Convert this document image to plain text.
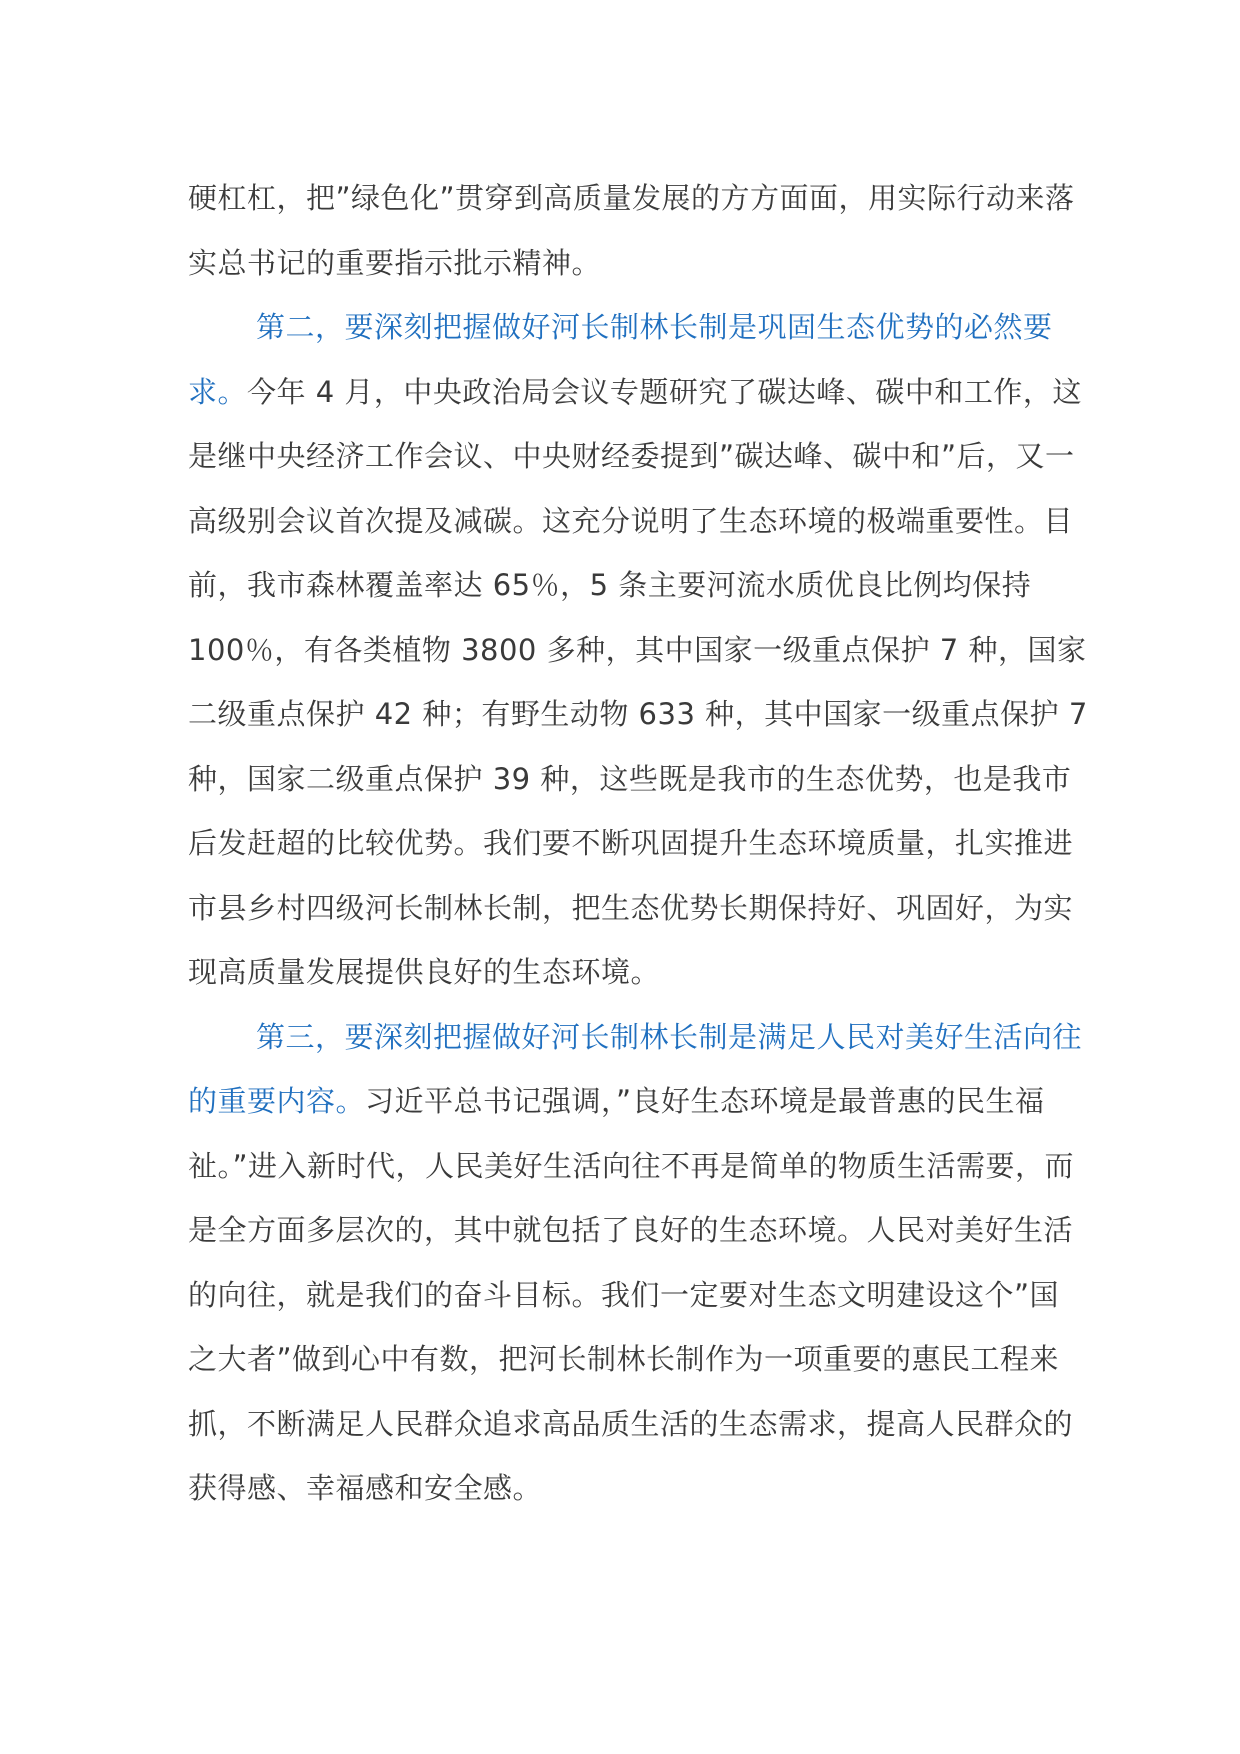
硬杠杠，把”绿色化”贯穿到高质量发展的方方面面，用实际行动来落实总书记的重要指示批示精神。

第二，要深刻把握做好河长制林长制是巩固生态优势的必然要求。今年 4 月，中央政治局会议专题研究了碳达峰、碳中和工作，这是继中央经济工作会议、中央财经委提到”碳达峰、碳中和”后，又一高级别会议首次提及减碳。这充分说明了生态环境的极端重要性。目前，我市森林覆盖率达 65％，5 条主要河流水质优良比例均保持 100％，有各类植物 3800 多种，其中国家一级重点保护 7 种，国家二级重点保护 42 种；有野生动物 633 种，其中国家一级重点保护 7 种，国家二级重点保护 39 种，这些既是我市的生态优势，也是我市后发赶超的比较优势。我们要不断巩固提升生态环境质量，扎实推进市县乡村四级河长制林长制，把生态优势长期保持好、巩固好，为实现高质量发展提供良好的生态环境。

第三，要深刻把握做好河长制林长制是满足人民对美好生活向往的重要内容。习近平总书记强调，”良好生态环境是最普惠的民生福祉。”进入新时代，人民美好生活向往不再是简单的物质生活需要，而是全方面多层次的，其中就包括了良好的生态环境。人民对美好生活的向往，就是我们的奋斗目标。我们一定要对生态文明建设这个”国之大者”做到心中有数，把河长制林长制作为一项重要的惠民工程来抓，不断满足人民群众追求高品质生活的生态需求，提高人民群众的获得感、幸福感和安全感。
